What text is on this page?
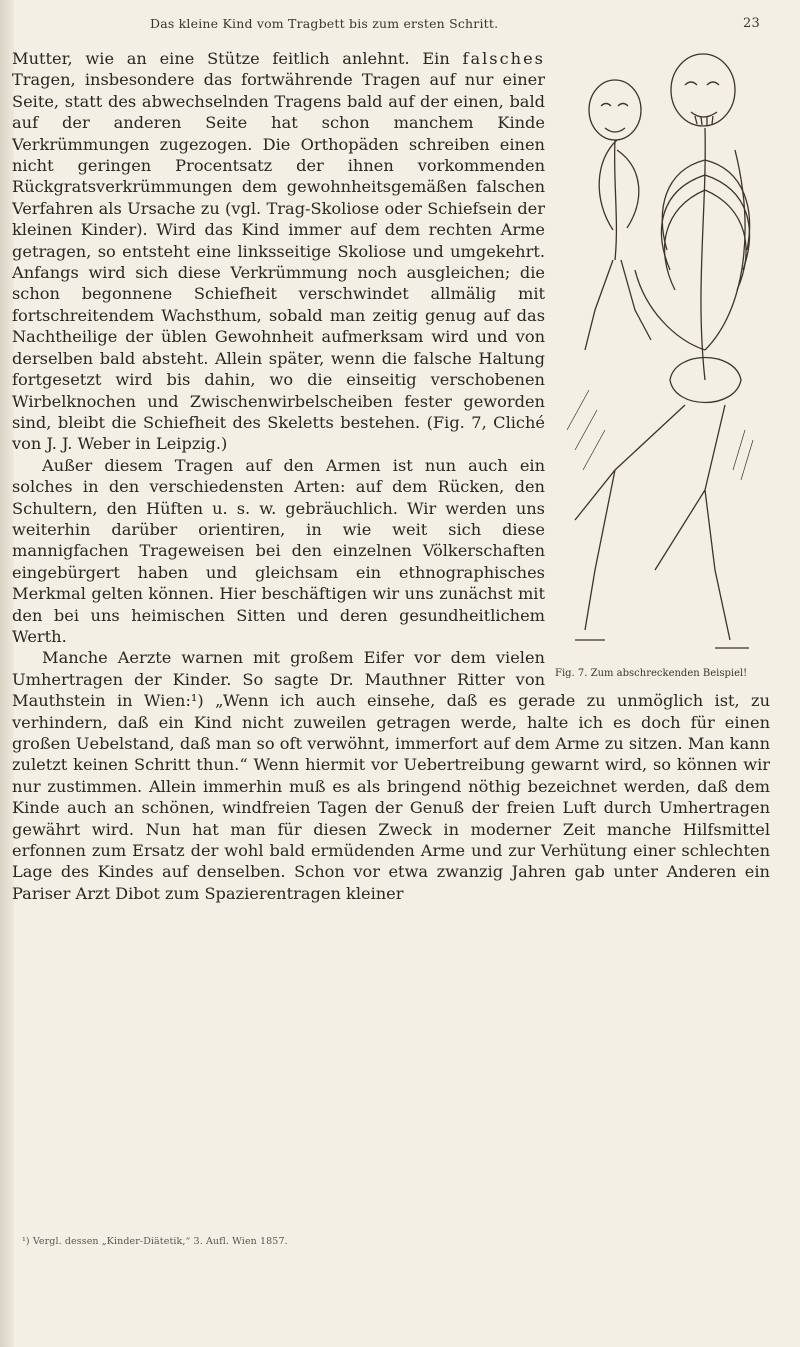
Das kleine Kind vom Tragbett bis zum ersten Schritt.	23
Fig. 7. Zum abschreckenden Beispiel!

Mutter, wie an eine Stütze feitlich anlehnt. Ein falsches Tragen, insbesondere das fortwährende Tragen auf nur einer Seite, statt des abwechselnden Tragens bald auf der einen, bald auf der anderen Seite hat schon manchem Kinde Verkrümmungen zugezogen. Die Orthopäden schreiben einen nicht geringen Procentsatz der ihnen vorkommenden Rückgratsverkrümmungen dem gewohnheitsgemäßen falschen Verfahren als Ursache zu (vgl. Trag-Skoliose oder Schiefsein der kleinen Kinder). Wird das Kind immer auf dem rechten Arme getragen, so entsteht eine linksseitige Skoliose und umgekehrt. Anfangs wird sich diese Verkrümmung noch ausgleichen; die schon begonnene Schiefheit verschwindet allmälig mit fortschreitendem Wachsthum, sobald man zeitig genug auf das Nachtheilige der üblen Gewohnheit aufmerksam wird und von derselben bald absteht. Allein später, wenn die falsche Haltung fortgesetzt wird bis dahin, wo die einseitig verschobenen Wirbelknochen und Zwischenwirbelscheiben fester geworden sind, bleibt die Schiefheit des Skeletts bestehen. (Fig. 7, Cliché von J. J. Weber in Leipzig.)

Außer diesem Tragen auf den Armen ist nun auch ein solches in den verschiedensten Arten: auf dem Rücken, den Schultern, den Hüften u. s. w. gebräuchlich. Wir werden uns weiterhin darüber orientiren, in wie weit sich diese mannigfachen Trageweisen bei den einzelnen Völkerschaften eingebürgert haben und gleichsam ein ethnographisches Merkmal gelten können. Hier beschäftigen wir uns zunächst mit den bei uns heimischen Sitten und deren gesundheitlichem Werth.

Manche Aerzte warnen mit großem Eifer vor dem vielen Umhertragen der Kinder. So sagte Dr. Mauthner Ritter von Mauthstein in Wien:¹) „Wenn ich auch einsehe, daß es gerade zu unmöglich ist, zu verhindern, daß ein Kind nicht zuweilen getragen werde, halte ich es doch für einen großen Uebelstand, daß man so oft verwöhnt, immerfort auf dem Arme zu sitzen. Man kann zuletzt keinen Schritt thun.“ Wenn hiermit vor Uebertreibung gewarnt wird, so können wir nur zustimmen. Allein immerhin muß es als bringend nöthig bezeichnet werden, daß dem Kinde auch an schönen, windfreien Tagen der Genuß der freien Luft durch Umhertragen gewährt wird. Nun hat man für diesen Zweck in moderner Zeit manche Hilfsmittel erfonnen zum Ersatz der wohl bald ermüdenden Arme und zur Verhütung einer schlechten Lage des Kindes auf denselben. Schon vor etwa zwanzig Jahren gab unter Anderen ein Pariser Arzt Dibot zum Spazierentragen kleiner

¹) Vergl. dessen „Kinder-Diätetik,“ 3. Aufl. Wien 1857.
